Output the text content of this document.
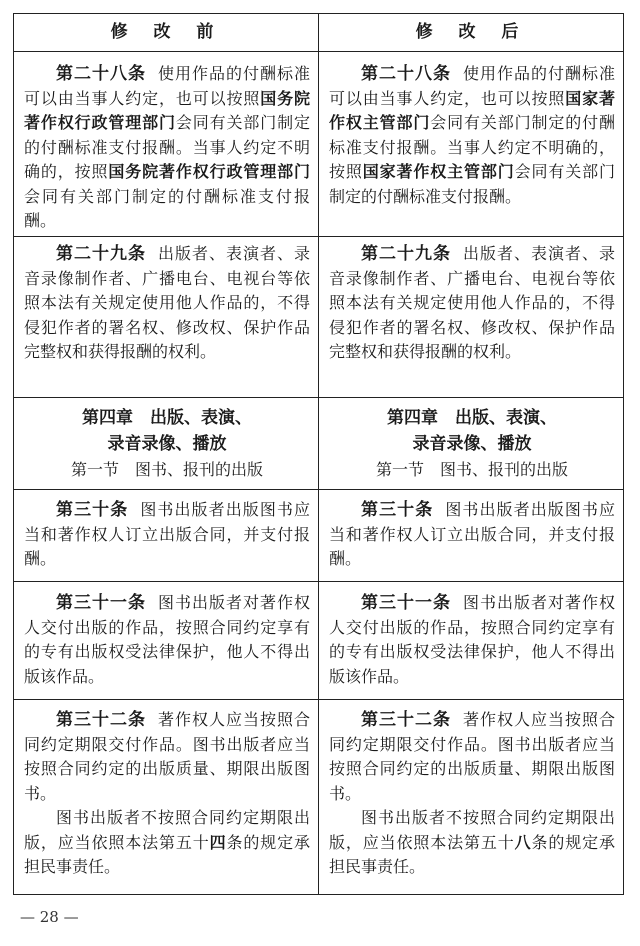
修 改 前	修 改 后

第二十八条 使用作品的付酬标准可以由当事人约定，也可以按照国务院著作权行政管理部门会同有关部门制定的付酬标准支付报酬。当事人约定不明确的，按照国务院著作权行政管理部门会同有关部门制定的付酬标准支付报酬。

第二十八条 使用作品的付酬标准可以由当事人约定，也可以按照国家著作权主管部门会同有关部门制定的付酬标准支付报酬。当事人约定不明确的，按照国家著作权主管部门会同有关部门制定的付酬标准支付报酬。

第二十九条 出版者、表演者、录音录像制作者、广播电台、电视台等依照本法有关规定使用他人作品的，不得侵犯作者的署名权、修改权、保护作品完整权和获得报酬的权利。

第二十九条 出版者、表演者、录音录像制作者、广播电台、电视台等依照本法有关规定使用他人作品的，不得侵犯作者的署名权、修改权、保护作品完整权和获得报酬的权利。

第四章　出版、表演、

录音录像、播放

第一节　图书、报刊的出版

第四章　出版、表演、

录音录像、播放

第一节　图书、报刊的出版

第三十条 图书出版者出版图书应当和著作权人订立出版合同，并支付报酬。

第三十条 图书出版者出版图书应当和著作权人订立出版合同，并支付报酬。

第三十一条 图书出版者对著作权人交付出版的作品，按照合同约定享有的专有出版权受法律保护，他人不得出版该作品。

第三十一条 图书出版者对著作权人交付出版的作品，按照合同约定享有的专有出版权受法律保护，他人不得出版该作品。

第三十二条 著作权人应当按照合同约定期限交付作品。图书出版者应当按照合同约定的出版质量、期限出版图书。

图书出版者不按照合同约定期限出版，应当依照本法第五十四条的规定承担民事责任。

第三十二条 著作权人应当按照合同约定期限交付作品。图书出版者应当按照合同约定的出版质量、期限出版图书。

图书出版者不按照合同约定期限出版，应当依照本法第五十八条的规定承担民事责任。

— 28 —
